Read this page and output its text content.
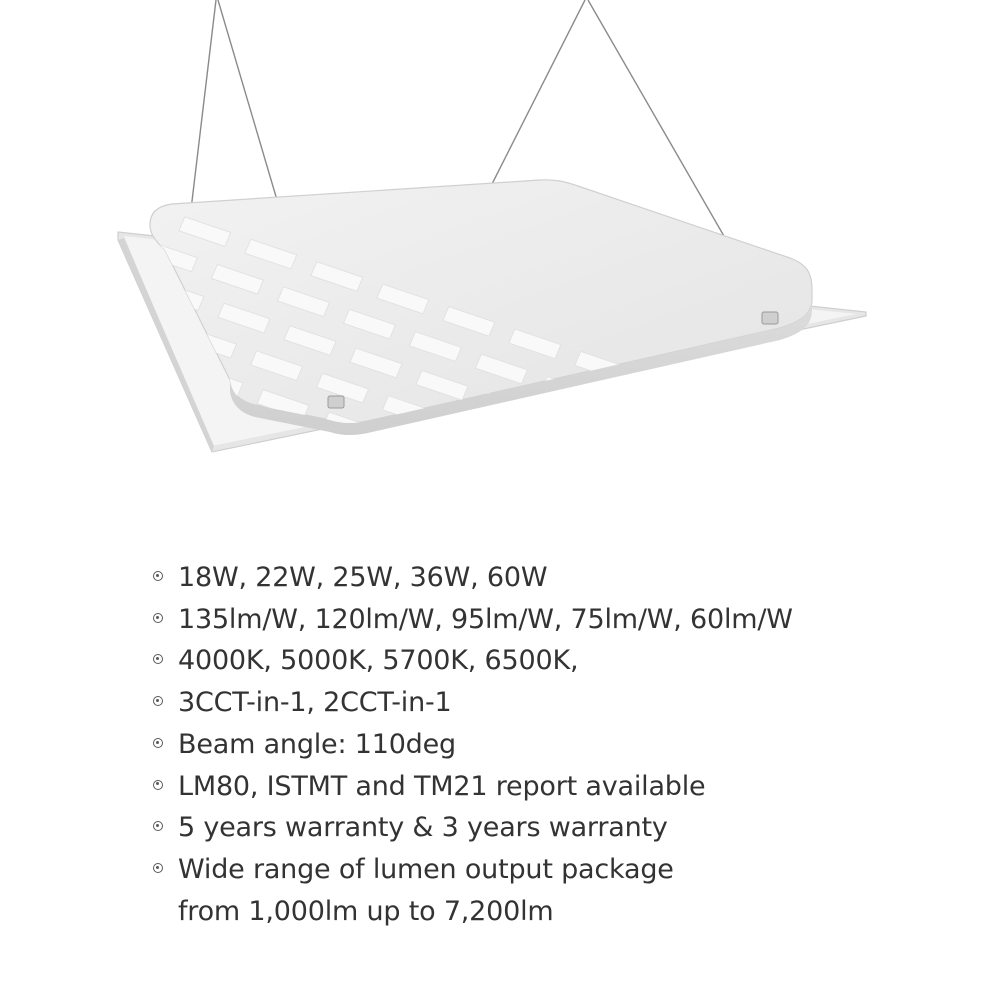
18W, 22W, 25W, 36W, 60W
135lm/W, 120lm/W, 95lm/W, 75lm/W, 60lm/W
4000K, 5000K, 5700K, 6500K,
3CCT-in-1, 2CCT-in-1
Beam angle: 110deg
LM80, ISTMT and TM21 report available
5 years warranty & 3 years warranty
Wide range of lumen output package
from 1,000lm up to 7,200lm
